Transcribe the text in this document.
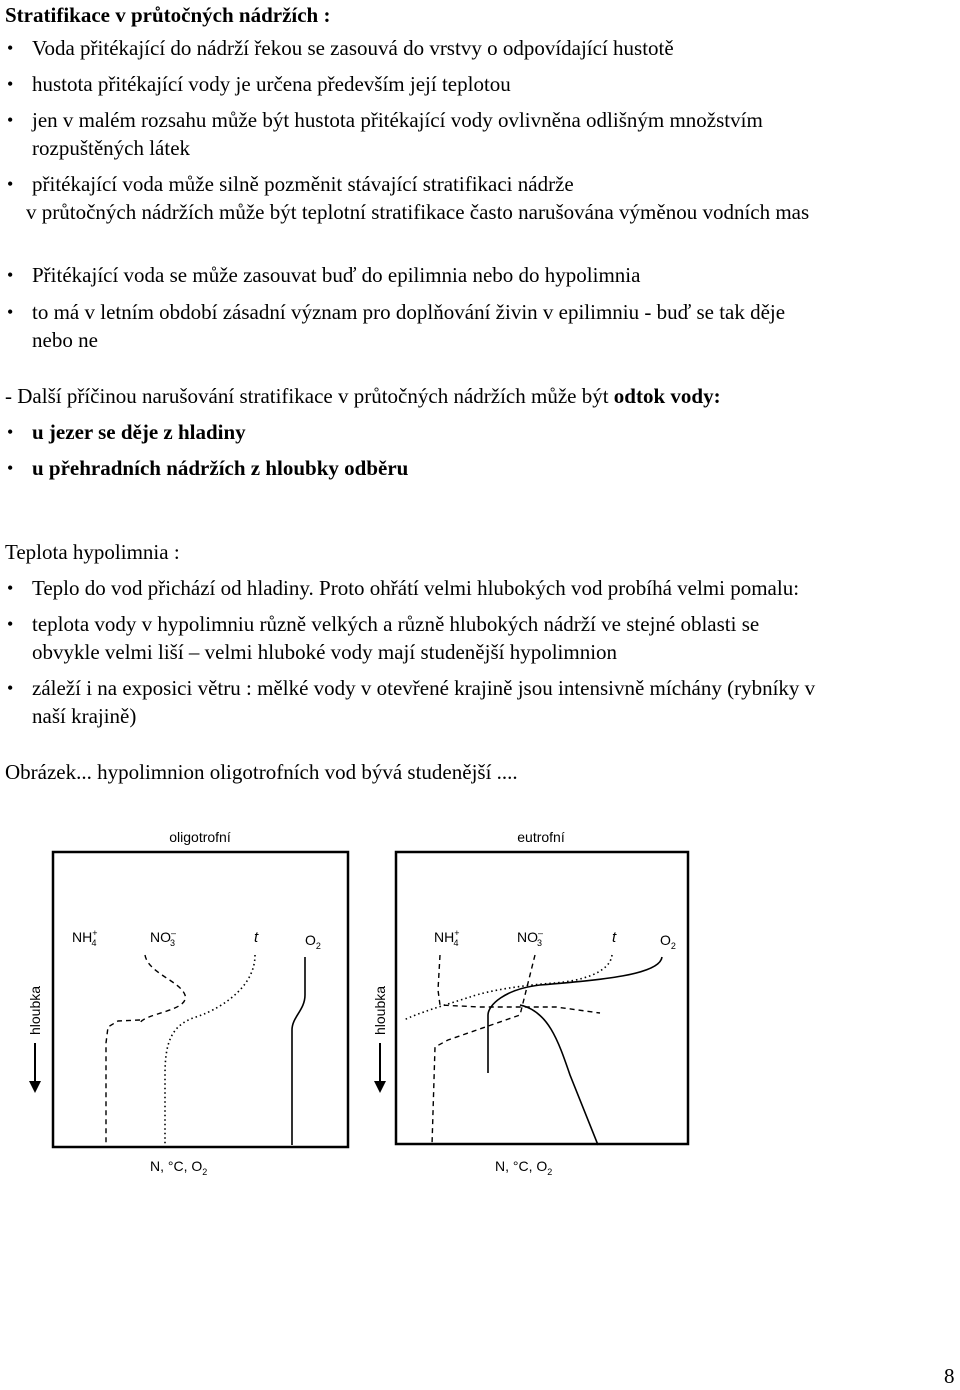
Stratifikace v průtočných nádržích :
• Voda přitékající do nádrží řekou se zasouvá do vrstvy o odpovídající hustotě
• hustota přitékající vody je určena především její teplotou
• jen v malém rozsahu může být hustota přitékající vody ovlivněna odlišným množstvím
rozpuštěných látek
• přitékající voda může silně pozměnit stávající stratifikaci nádrže
v průtočných nádržích může být teplotní stratifikace často narušována výměnou vodních mas
• Přitékající voda se může zasouvat buď do epilimnia nebo do hypolimnia
• to má v letním období zásadní význam pro doplňování živin v epilimniu - buď se tak děje
nebo ne
- Další příčinou narušování stratifikace v průtočných nádržích může být odtok vody:
• u jezer se děje z hladiny
• u přehradních nádržích z hloubky odběru
Teplota hypolimnia :
• Teplo do vod přichází od hladiny. Proto ohřátí velmi hlubokých vod probíhá velmi pomalu:
• teplota vody v hypolimniu různě velkých a různě hlubokých nádrží ve stejné oblasti se
obvykle velmi liší – velmi hluboké vody mají studenější hypolimnion
• záleží i na exposici větru : mělké vody v otevřené krajině jsou intensivně míchány (rybníky v
naší krajině)
Obrázek... hypolimnion oligotrofních vod bývá studenější ....
oligotrofní
NH+ 4	NO– 3	t	$O_2$
hloubka
N, °C, $O_2$
eutrofní
NH+ 4	NO– 3	t	$O_2$
hloubka
N, °C, $O_2$
8
